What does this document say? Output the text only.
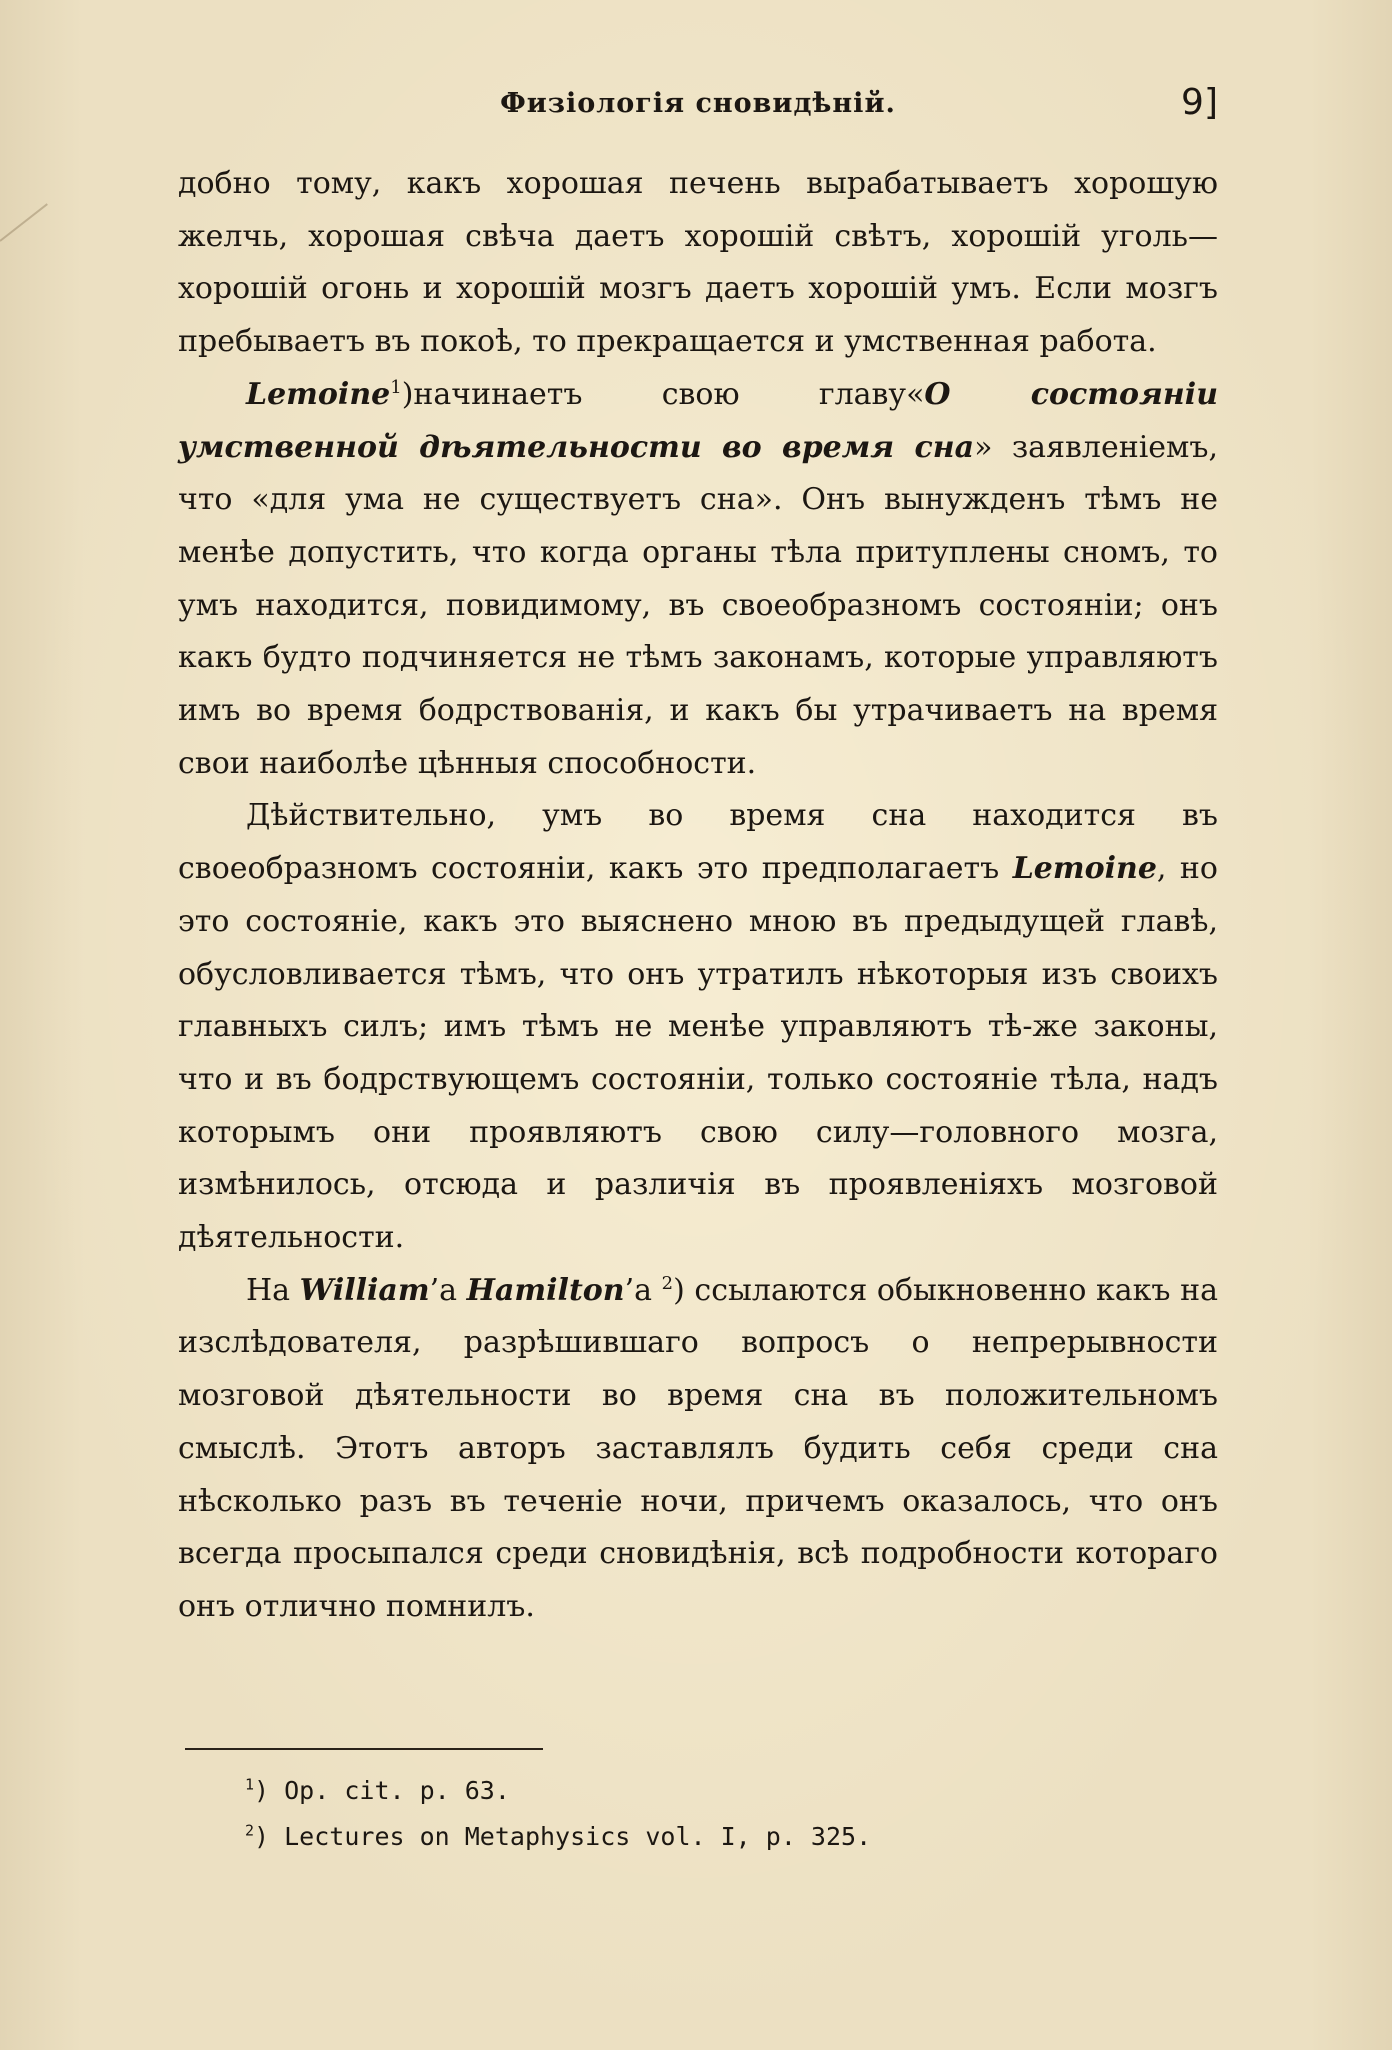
Физіологія сновидѣній.	9]

добно тому, какъ хорошая печень вырабатываетъ хорошую желчь, хорошая свѣча даетъ хорошій свѣтъ, хорошій уголь—хорошій огонь и хорошій мозгъ даетъ хорошій умъ. Если мозгъ пребываетъ въ покоѣ, то прекращается и умственная работа.

Lemoine$^1$)начинаетъ свою главу«О состояніи умственной дѣятельности во время сна» заявленіемъ, что «для ума не существуетъ сна». Онъ вынужденъ тѣмъ не менѣе допустить, что когда органы тѣла притуплены сномъ, то умъ находится, повидимому, въ своеобразномъ состояніи; онъ какъ будто подчиняется не тѣмъ законамъ, которые управляютъ имъ во время бодрствованія, и какъ бы утрачиваетъ на время свои наиболѣе цѣнныя способности.

Дѣйствительно, умъ во время сна находится въ своеобразномъ состояніи, какъ это предполагаетъ Lemoine, но это состояніе, какъ это выяснено мною въ предыдущей главѣ, обусловливается тѣмъ, что онъ утратилъ нѣкоторыя изъ своихъ главныхъ силъ; имъ тѣмъ не менѣе управляютъ тѣ-же законы, что и въ бодрствующемъ состояніи, только состояніе тѣла, надъ которымъ они проявляютъ свою силу—головного мозга, измѣнилось, отсюда и различія въ проявленіяхъ мозговой дѣятельности.

На William’а Hamilton’а $^2$) ссылаются обыкновенно какъ на изслѣдователя, разрѣшившаго вопросъ о непрерывности мозговой дѣятельности во время сна въ положительномъ смыслѣ. Этотъ авторъ заставлялъ будить себя среди сна нѣсколько разъ въ теченіе ночи, причемъ оказалось, что онъ всегда просыпался среди сновидѣнія, всѣ подробности котораго онъ отлично помнилъ.

$^1$) Op. cit. p. 63.
$^2$) Lectures on Metaphysics vol. I, p. 325.
